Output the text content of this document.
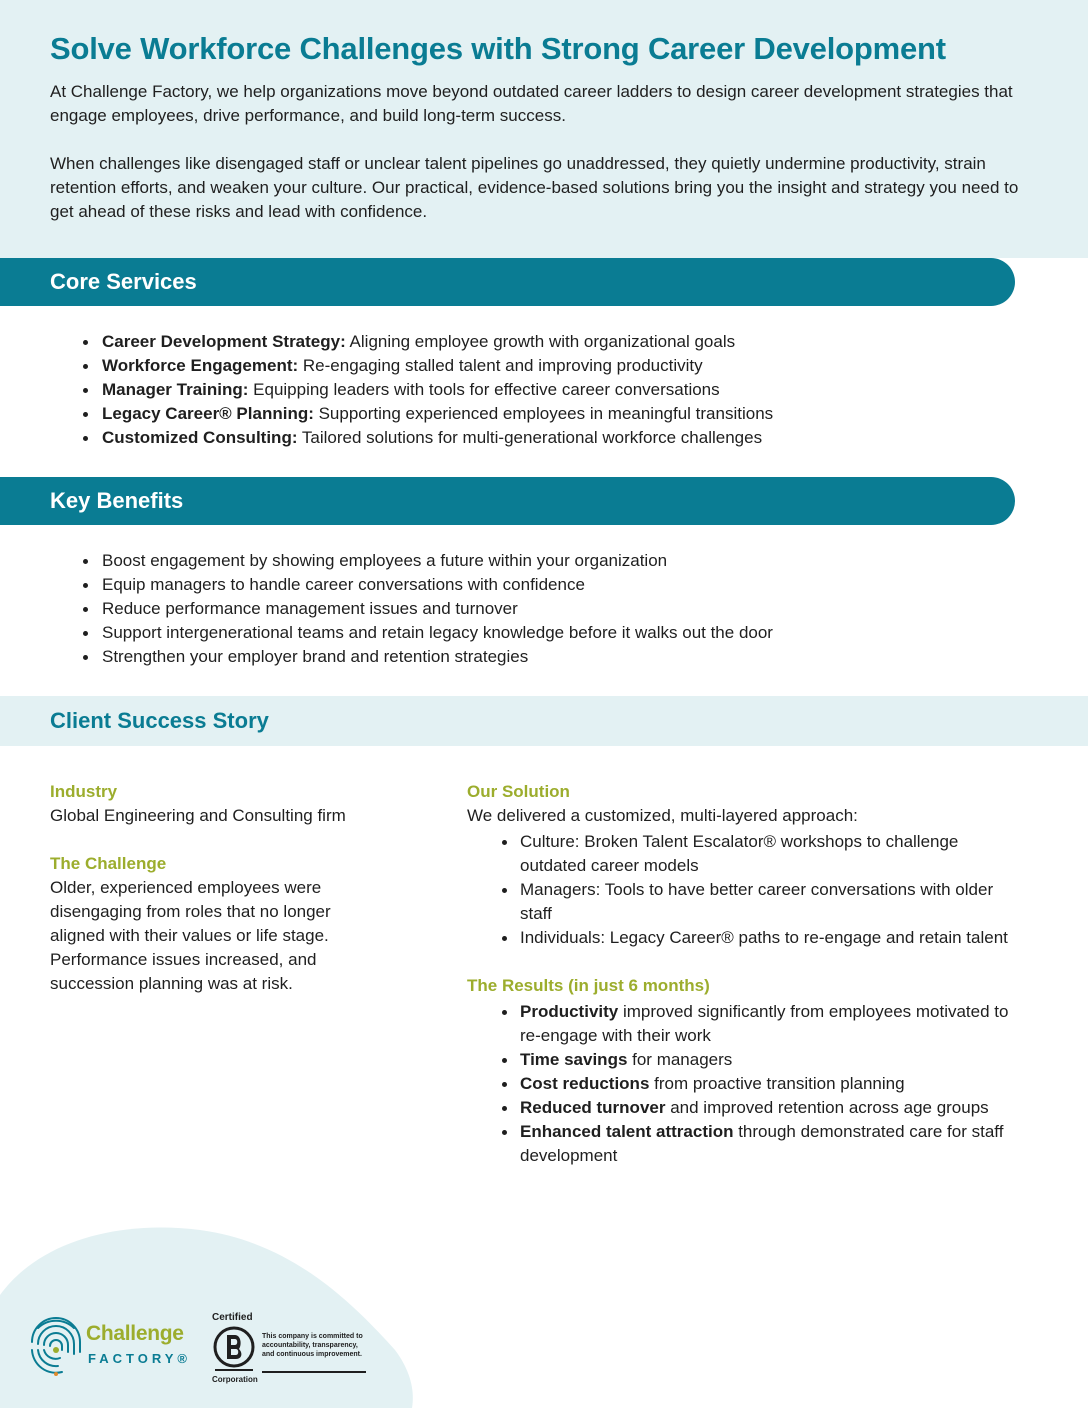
Solve Workforce Challenges with Strong Career Development

At Challenge Factory, we help organizations move beyond outdated career ladders to design career development strategies that engage employees, drive performance, and build long-term success.

When challenges like disengaged staff or unclear talent pipelines go unaddressed, they quietly undermine productivity, strain retention efforts, and weaken your culture. Our practical, evidence-based solutions bring you the insight and strategy you need to get ahead of these risks and lead with confidence.

Core Services
Career Development Strategy: Aligning employee growth with organizational goals
Workforce Engagement: Re-engaging stalled talent and improving productivity
Manager Training: Equipping leaders with tools for effective career conversations
Legacy Career® Planning: Supporting experienced employees in meaningful transitions
Customized Consulting: Tailored solutions for multi-generational workforce challenges
Key Benefits
Boost engagement by showing employees a future within your organization
Equip managers to handle career conversations with confidence
Reduce performance management issues and turnover
Support intergenerational teams and retain legacy knowledge before it walks out the door
Strengthen your employer brand and retention strategies
Client Success Story
Industry

Global Engineering and Consulting firm

The Challenge

Older, experienced employees were disengaging from roles that no longer aligned with their values or life stage. Performance issues increased, and succession planning was at risk.

Our Solution
We delivered a customized, multi-layered approach:
Culture: Broken Talent Escalator® workshops to challenge outdated career models
Managers: Tools to have better career conversations with older staff
Individuals: Legacy Career® paths to re-engage and retain talent
The Results (in just 6 months)
Productivity improved significantly from employees motivated to re-engage with their work
Time savings for managers
Cost reductions from proactive transition planning
Reduced turnover and improved retention across age groups
Enhanced talent attraction through demonstrated care for staff development
Challenge
FACTORY®
Certified
This company is committed to accountability, transparency, and continuous improvement.
Corporation
